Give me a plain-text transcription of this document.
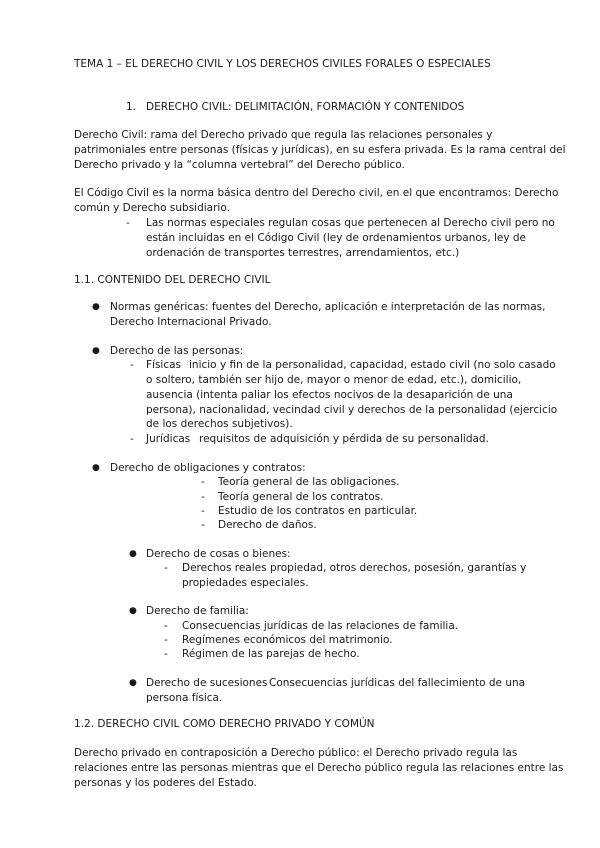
TEMA 1 – EL DERECHO CIVIL Y LOS DERECHOS CIVILES FORALES O ESPECIALES
1. DERECHO CIVIL: DELIMITACIÓN, FORMACIÓN Y CONTENIDOS
Derecho Civil: rama del Derecho privado que regula las relaciones personales y
patrimoniales entre personas (físicas y jurídicas), en su esfera privada. Es la rama central del
Derecho privado y la “columna vertebral” del Derecho público.
El Código Civil es la norma básica dentro del Derecho civil, en el que encontramos: Derecho
común y Derecho subsidiario.
- Las normas especiales regulan cosas que pertenecen al Derecho civil pero no
están incluidas en el Código Civil (ley de ordenamientos urbanos, ley de
ordenación de transportes terrestres, arrendamientos, etc.)
1.1. CONTENIDO DEL DERECHO CIVIL
● Normas genéricas: fuentes del Derecho, aplicación e interpretación de las normas,
Derecho Internacional Privado.
● Derecho de las personas:
- Físicas inicio y fin de la personalidad, capacidad, estado civil (no solo casado
o soltero, también ser hijo de, mayor o menor de edad, etc.), domicilio,
ausencia (intenta paliar los efectos nocivos de la desaparición de una
persona), nacionalidad, vecindad civil y derechos de la personalidad (ejercicio
de los derechos subjetivos).
- Jurídicas requisitos de adquisición y pérdida de su personalidad.
● Derecho de obligaciones y contratos:
- Teoría general de las obligaciones.
- Teoría general de los contratos.
- Estudio de los contratos en particular.
- Derecho de daños.
● Derecho de cosas o bienes:
- Derechos reales propiedad, otros derechos, posesión, garantías y
propiedades especiales.
● Derecho de familia:
- Consecuencias jurídicas de las relaciones de familia.
- Regímenes económicos del matrimonio.
- Régimen de las parejas de hecho.
● Derecho de sucesiones Consecuencias jurídicas del fallecimiento de una
persona física.
1.2. DERECHO CIVIL COMO DERECHO PRIVADO Y COMÚN
Derecho privado en contraposición a Derecho público: el Derecho privado regula las
relaciones entre las personas mientras que el Derecho público regula las relaciones entre las
personas y los poderes del Estado.
